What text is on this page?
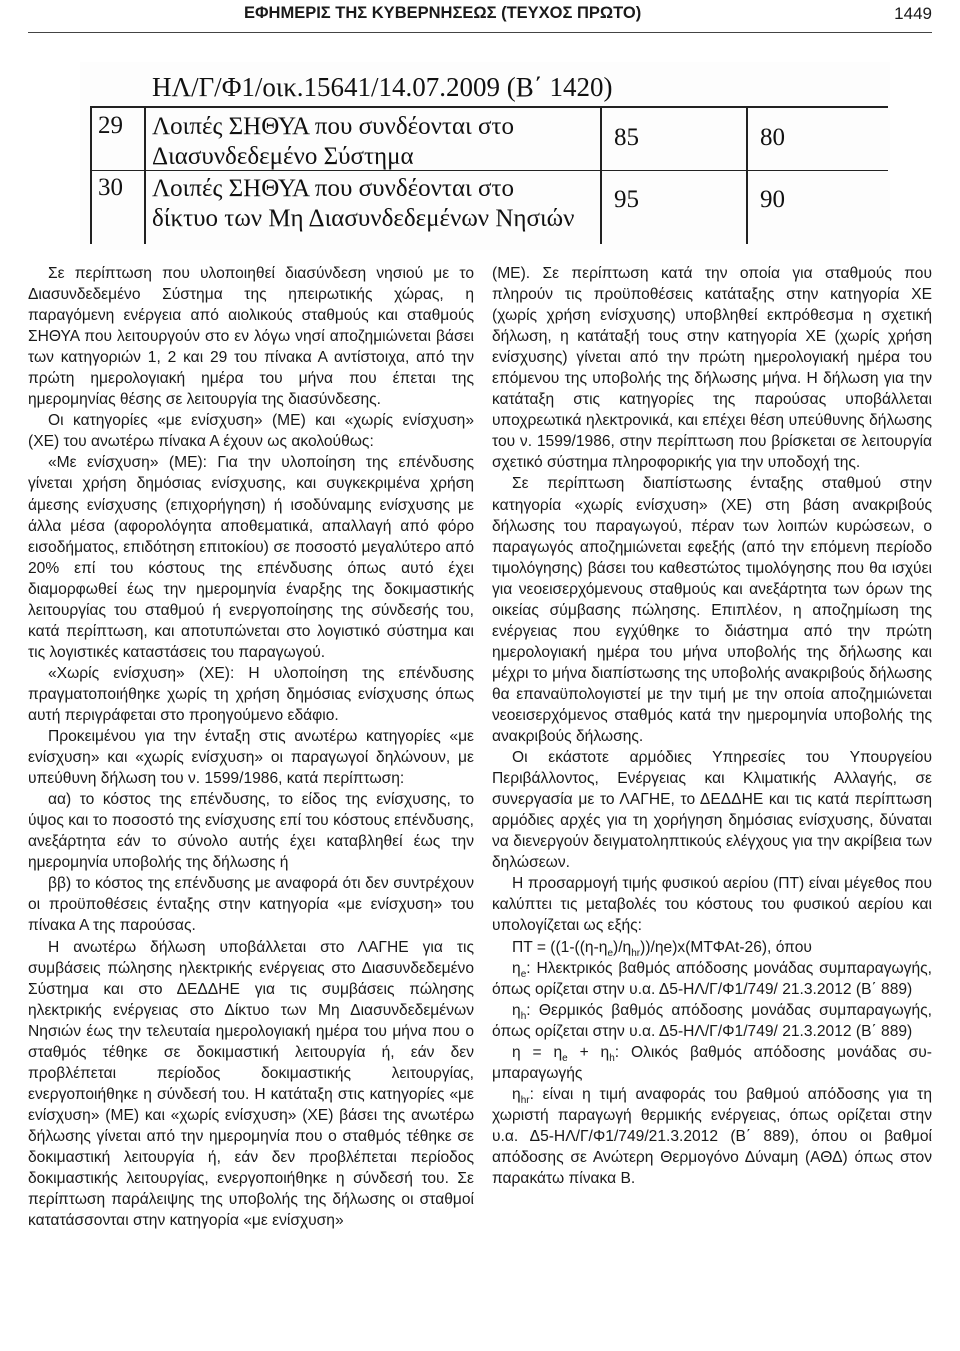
ΕΦΗΜΕΡΙΣ ΤΗΣ ΚΥΒΕΡΝΗΣΕΩΣ (ΤΕΥΧΟΣ ΠΡΩΤΟ)	1449
ΗΛ/Γ/Φ1/οικ.15641/14.07.2009 (Β΄ 1420)
29 Λοιπές ΣΗΘΥΑ που συνδέονται στο
Διασυνδεδεμένο Σύστημα
85	80
30 Λοιπές ΣΗΘΥΑ που συνδέονται στο
δίκτυο των Μη Διασυνδεδεμένων Νησιών
95	90

Σε περίπτωση που υλοποιηθεί διασύνδεση νησιού με το Διασυνδεδεμένο Σύστημα της ηπειρωτικής χώρας, η παραγόμενη ενέργεια από αιολικούς σταθμούς και σταθμούς ΣΗΘΥΑ που λειτουργούν στο εν λόγω νησί αποζημιώνεται βάσει των κατηγοριών 1, 2 και 29 του πίνακα Α αντίστοιχα, από την πρώτη ημερολογιακή ημέρα του μήνα που έπεται της ημερομηνίας θέσης σε λειτουργία της διασύνδεσης.

Οι κατηγορίες «με ενίσχυση» (ΜΕ) και «χωρίς ενίσχυση» (ΧΕ) του ανωτέρω πίνακα Α έχουν ως ακολούθως:

«Με ενίσχυση» (ΜΕ): Για την υλοποίηση της επένδυσης γίνεται χρήση δημόσιας ενίσχυσης, και συγκεκριμένα χρήση άμεσης ενίσχυσης (επιχορήγηση) ή ισοδύναμης ενίσχυσης με άλλα μέσα (αφορολόγητα αποθεματικά, απαλλαγή από φόρο εισοδήματος, επιδότηση επιτοκίου) σε ποσοστό μεγαλύτερο από 20% επί του κόστους της επένδυσης όπως αυτό έχει διαμορφωθεί έως την ημερομηνία έναρξης της δοκιμαστικής λειτουργίας του σταθμού ή ενεργοποίησης της σύνδεσής του, κατά περίπτωση, και αποτυπώνεται στο λογιστικό σύστημα και τις λογιστικές καταστάσεις του παραγωγού.

«Χωρίς ενίσχυση» (ΧΕ): Η υλοποίηση της επένδυσης πραγματοποιήθηκε χωρίς τη χρήση δημόσιας ενίσχυσης όπως αυτή περιγράφεται στο προηγούμενο εδάφιο.

Προκειμένου για την ένταξη στις ανωτέρω κατηγορίες «με ενίσχυση» και «χωρίς ενίσχυση» οι παραγωγοί δηλώνουν, με υπεύθυνη δήλωση του ν. 1599/1986, κατά περίπτωση:

αα) το κόστος της επένδυσης, το είδος της ενίσχυσης, το ύψος και το ποσοστό της ενίσχυσης επί του κόστους επένδυσης, ανεξάρτητα εάν το σύνολο αυτής έχει καταβληθεί έως την ημερομηνία υποβολής της δήλωσης ή

ββ) το κόστος της επένδυσης με αναφορά ότι δεν συντρέχουν οι προϋποθέσεις ένταξης στην κατηγορία «με ενίσχυση» του πίνακα Α της παρούσας.

Η ανωτέρω δήλωση υποβάλλεται στο ΛΑΓΗΕ για τις συμβάσεις πώλησης ηλεκτρικής ενέργειας στο Διασυνδεδεμένο Σύστημα και στο ΔΕΔΔΗΕ για τις συμβάσεις πώλησης ηλεκτρικής ενέργειας στο Δίκτυο των Μη Διασυνδεδεμένων Νησιών έως την τελευταία ημερολογιακή ημέρα του μήνα που ο σταθμός τέθηκε σε δοκιμαστική λειτουργία ή, εάν δεν προβλέπεται περίοδος δοκιμαστικής λειτουργίας, ενεργοποιήθηκε η σύνδεσή του. Η κατάταξη στις κατηγορίες «με ενίσχυση» (ΜΕ) και «χωρίς ενίσχυση» (ΧΕ) βάσει της ανωτέρω δήλωσης γίνεται από την ημερομηνία που ο σταθμός τέθηκε σε δοκιμαστική λειτουργία ή, εάν δεν προβλέπεται περίοδος δοκιμαστικής λειτουργίας, ενεργοποιήθηκε η σύνδεσή του. Σε περίπτωση παράλειψης της υποβολής της δήλωσης οι σταθμοί κατατάσσονται στην κατηγορία «με ενίσχυση»

(ΜΕ). Σε περίπτωση κατά την οποία για σταθμούς που πληρούν τις προϋποθέσεις κατάταξης στην κατηγορία ΧΕ (χωρίς χρήση ενίσχυσης) υποβληθεί εκπρόθεσμα η σχετική δήλωση, η κατάταξή τους στην κατηγορία ΧΕ (χωρίς χρήση ενίσχυσης) γίνεται από την πρώτη ημερολογιακή ημέρα του επόμενου της υποβολής της δήλωσης μήνα. Η δήλωση για την κατάταξη στις κατηγορίες της παρούσας υποβάλλεται υποχρεωτικά ηλεκτρονικά, και επέχει θέση υπεύθυνης δήλωσης του ν. 1599/1986, στην περίπτωση που βρίσκεται σε λειτουργία σχετικό σύστημα πληροφορικής για την υποδοχή της.

Σε περίπτωση διαπίστωσης ένταξης σταθμού στην κατηγορία «χωρίς ενίσχυση» (ΧΕ) στη βάση ανακριβούς δήλωσης του παραγωγού, πέραν των λοιπών κυρώσεων, ο παραγωγός αποζημιώνεται εφεξής (από την επόμενη περίοδο τιμολόγησης) βάσει του καθεστώτος τιμολόγησης που θα ισχύει για νεοεισερχόμενους σταθμούς και ανεξάρτητα των όρων της οικείας σύμβασης πώλησης. Επιπλέον, η αποζημίωση της ενέργειας που εγχύθηκε το διάστημα από την πρώτη ημερολογιακή ημέρα του μήνα υποβολής της δήλωσης και μέχρι το μήνα διαπίστωσης της υποβολής ανακριβούς δήλωσης θα επαναϋπολογιστεί με την τιμή με την οποία αποζημιώνεται νεοεισερχόμενος σταθμός κατά την ημερομηνία υποβολής της ανακριβούς δήλωσης.

Οι εκάστοτε αρμόδιες Υπηρεσίες του Υπουργείου Περιβάλλοντος, Ενέργειας και Κλιματικής Αλλαγής, σε συνεργασία με το ΛΑΓΗΕ, το ΔΕΔΔΗΕ και τις κατά περίπτωση αρμόδιες αρχές για τη χορήγηση δημόσιας ενίσχυσης, δύναται να διενεργούν δειγματοληπτικούς ελέγχους για την ακρίβεια των δηλώσεων.

Η προσαρμογή τιμής φυσικού αερίου (ΠΤ) είναι μέγεθος που καλύπτει τις μεταβολές του κόστους του φυσικού αερίου και υπολογίζεται ως εξής:

$\Pi T = ((1-((\eta-\eta_e)/\eta_{hr}))/\eta e)x(MT\Phi At-26)$, όπου

$\eta_e$: Ηλεκτρικός βαθμός απόδοσης μονάδας συμπαραγωγής, όπως ορίζεται στην υ.α. Δ5-ΗΛ/Γ/Φ1/749/ 21.3.2012 (Β΄ 889)

$\eta_h$: Θερμικός βαθμός απόδοσης μονάδας συμπαραγωγής, όπως ορίζεται στην υ.α. Δ5-ΗΛ/Γ/Φ1/749/ 21.3.2012 (Β΄ 889)

$\eta = \eta_e + \eta_h$: Ολικός βαθμός απόδοσης μονάδας συμπαραγωγής

$\eta_{hr}$: είναι η τιμή αναφοράς του βαθμού απόδοσης για τη χωριστή παραγωγή θερμικής ενέργειας, όπως ορίζεται στην υ.α. Δ5-ΗΛ/Γ/Φ1/749/21.3.2012 (Β΄ 889), όπου οι βαθμοί απόδοσης σε Ανώτερη Θερμογόνο Δύναμη (ΑΘΔ) όπως στον παρακάτω πίνακα Β.
